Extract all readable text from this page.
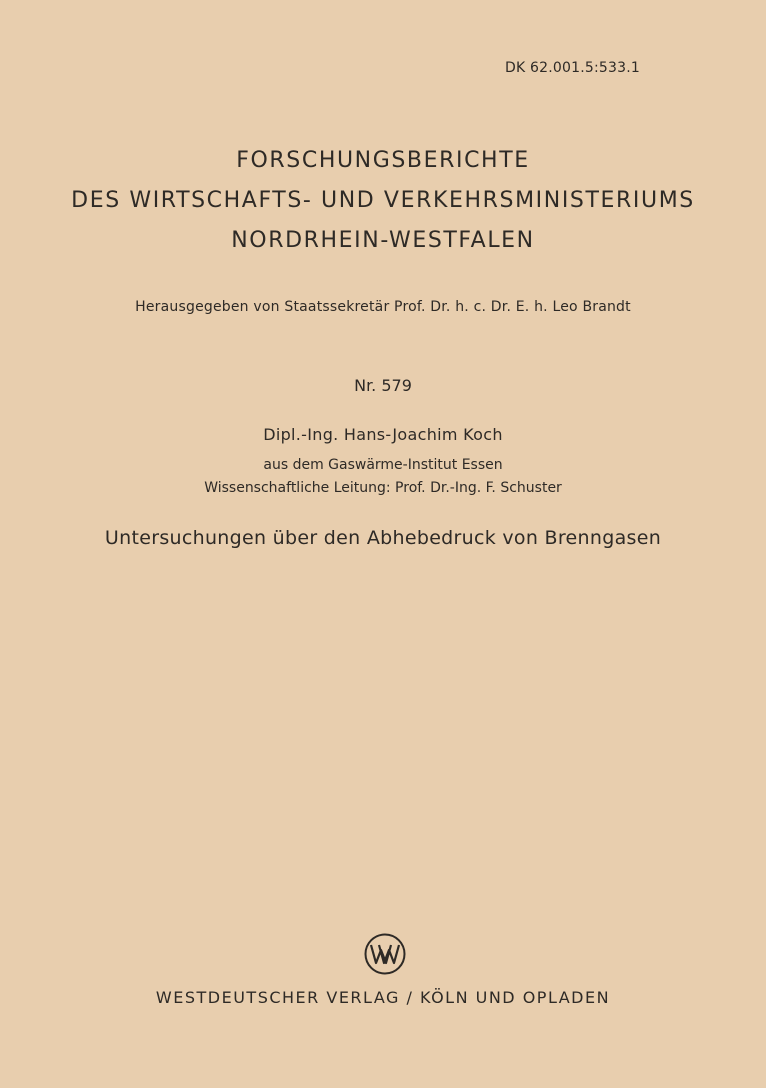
DK 62.001.5:533.1
FORSCHUNGSBERICHTE
DES WIRTSCHAFTS- UND VERKEHRSMINISTERIUMS
NORDRHEIN-WESTFALEN
Herausgegeben von Staatssekretär Prof. Dr. h. c. Dr. E. h. Leo Brandt
Nr. 579
Dipl.-Ing. Hans-Joachim Koch
aus dem Gaswärme-Institut Essen
Wissenschaftliche Leitung: Prof. Dr.-Ing. F. Schuster
Untersuchungen über den Abhebedruck von Brenngasen
WESTDEUTSCHER VERLAG / KÖLN UND OPLADEN
